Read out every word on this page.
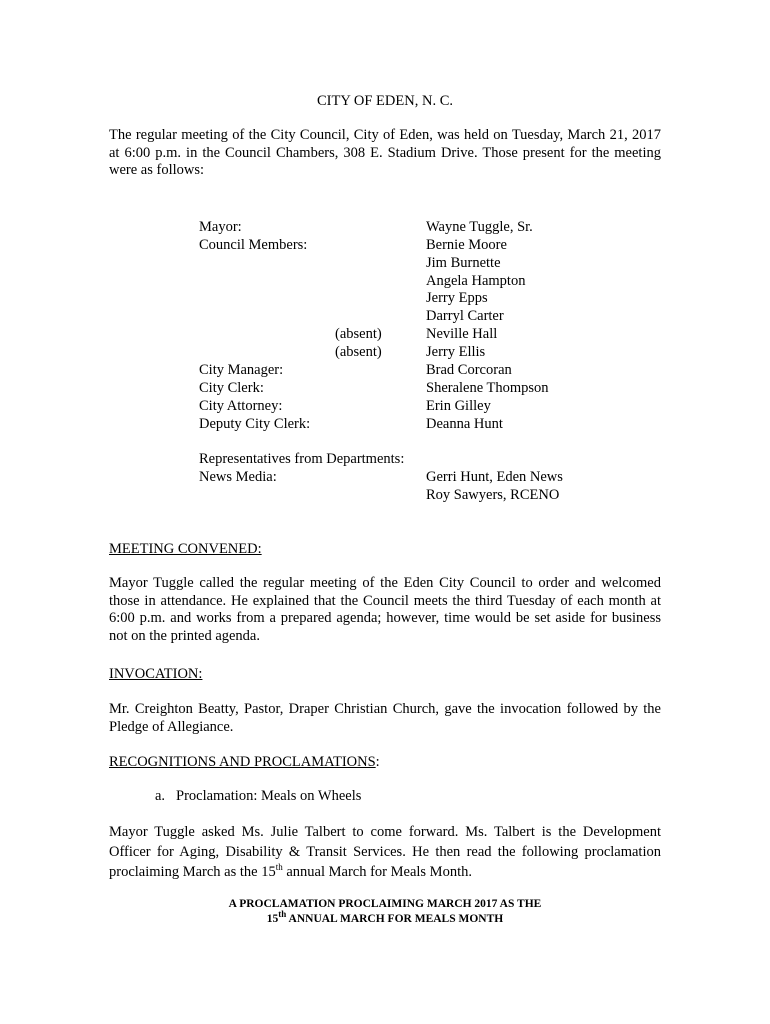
CITY OF EDEN, N. C.
The regular meeting of the City Council, City of Eden, was held on Tuesday, March 21, 2017 at 6:00 p.m. in the Council Chambers, 308 E. Stadium Drive. Those present for the meeting were as follows:
Mayor:	Wayne Tuggle, Sr.
Council Members:	Bernie Moore
Jim Burnette
Angela Hampton
Jerry Epps
Darryl Carter
(absent)	Neville Hall
(absent)	Jerry Ellis
City Manager:	Brad Corcoran
City Clerk:	Sheralene Thompson
City Attorney:	Erin Gilley
Deputy City Clerk:	Deanna Hunt
Representatives from Departments:
News Media:	Gerri Hunt, Eden News
Roy Sawyers, RCENO
MEETING CONVENED:
Mayor Tuggle called the regular meeting of the Eden City Council to order and welcomed those in attendance. He explained that the Council meets the third Tuesday of each month at 6:00 p.m. and works from a prepared agenda; however, time would be set aside for business not on the printed agenda.
INVOCATION:
Mr. Creighton Beatty, Pastor, Draper Christian Church, gave the invocation followed by the Pledge of Allegiance.
RECOGNITIONS AND PROCLAMATIONS:
a. Proclamation: Meals on Wheels
Mayor Tuggle asked Ms. Julie Talbert to come forward. Ms. Talbert is the Development Officer for Aging, Disability & Transit Services. He then read the following proclamation proclaiming March as the 15th annual March for Meals Month.
A PROCLAMATION PROCLAIMING MARCH 2017 AS THE
15th ANNUAL MARCH FOR MEALS MONTH
